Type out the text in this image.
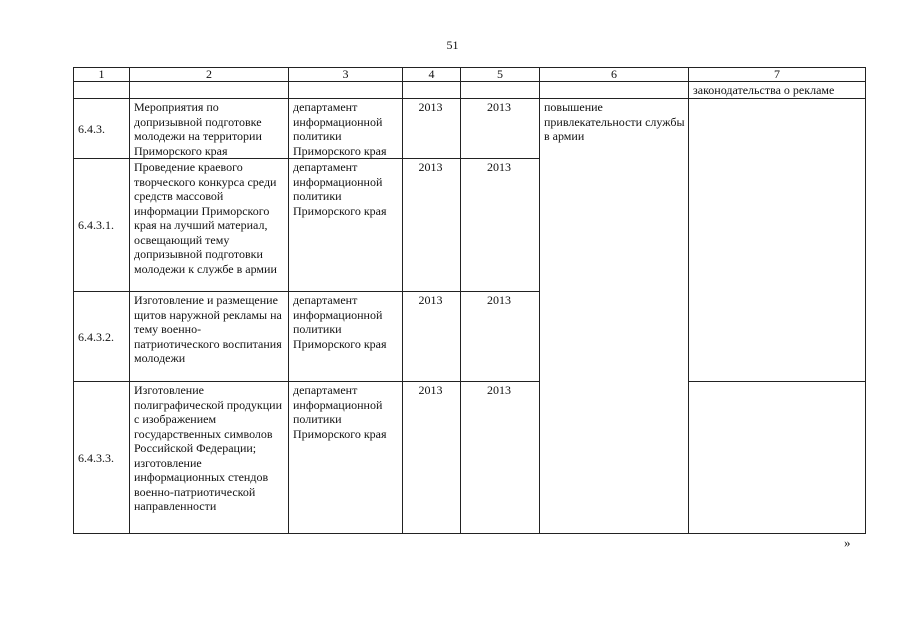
51
1	2	3	4	5	6	7
						законодательства о рекламе
6.4.3.	Мероприятия по допризывной подготовке молодежи на территории Приморского края	департамент информационной политики Приморского края	2013	2013	повышение привлекательности службы в армии	
6.4.3.1.	Проведение краевого творческого конкурса среди средств массовой информации Приморского края на лучший материал, освещающий тему допризывной подготовки молодежи к службе в армии	департамент информационной политики Приморского края	2013	2013		
6.4.3.2.	Изготовление и размещение щитов наружной рекламы на тему военно-патриотического воспитания молодежи	департамент информационной политики Приморского края	2013	2013		
6.4.3.3.	Изготовление полиграфической продукции с изображением государственных символов Российской Федерации; изготовление информационных стендов военно-патриотической направленности	департамент информационной политики Приморского края	2013	2013		
»
